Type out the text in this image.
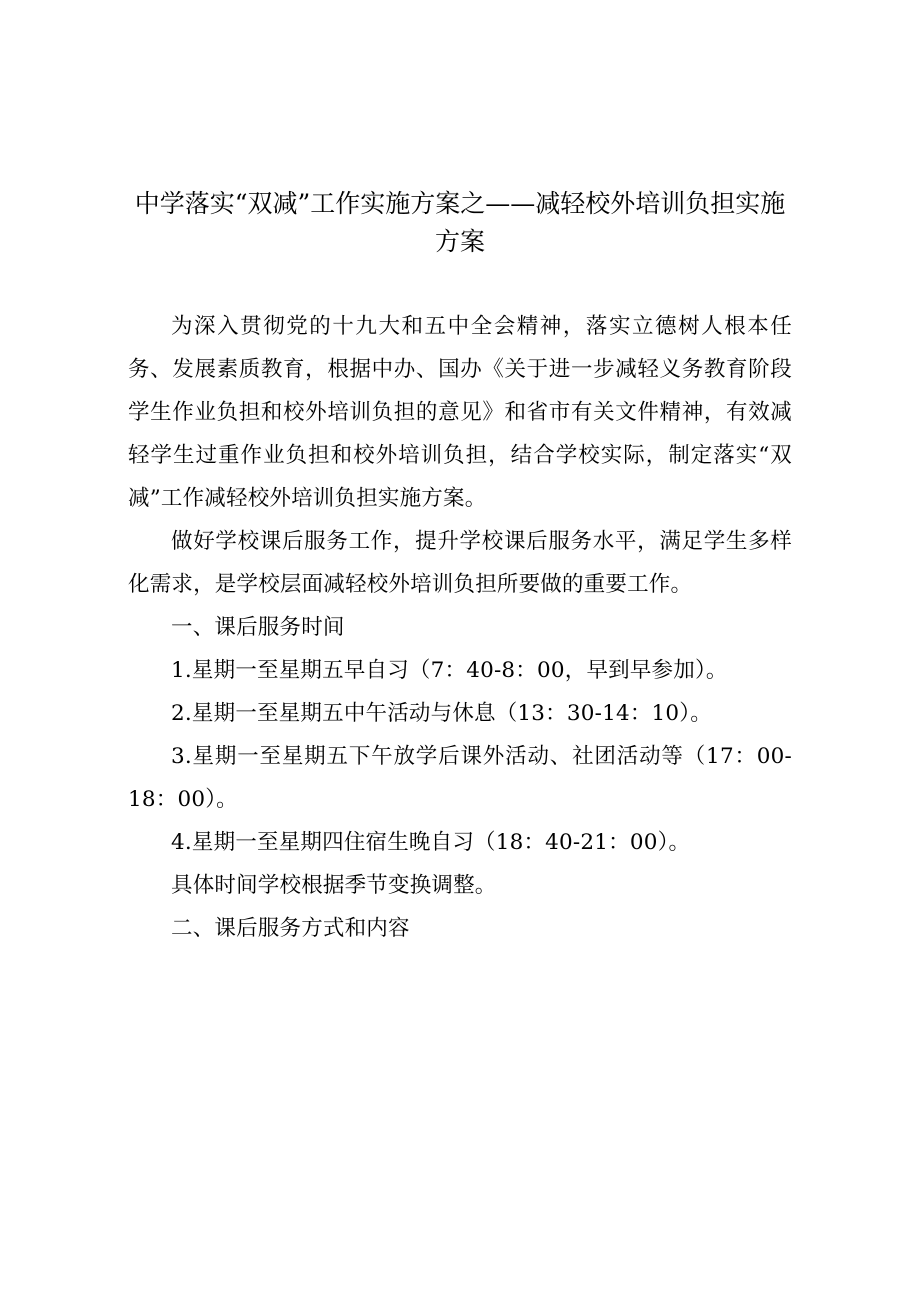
中学落实“双减”工作实施方案之——减轻校外培训负担实施方案

为深入贯彻党的十九大和五中全会精神，落实立德树人根本任务、发展素质教育，根据中办、国办《关于进一步减轻义务教育阶段学生作业负担和校外培训负担的意见》和省市有关文件精神，有效减轻学生过重作业负担和校外培训负担，结合学校实际，制定落实“双减”工作减轻校外培训负担实施方案。

做好学校课后服务工作，提升学校课后服务水平，满足学生多样化需求，是学校层面减轻校外培训负担所要做的重要工作。

一、课后服务时间

1.星期一至星期五早自习（7：40-8：00，早到早参加）。

2.星期一至星期五中午活动与休息（13：30-14：10）。

3.星期一至星期五下午放学后课外活动、社团活动等（17：00-18：00）。

4.星期一至星期四住宿生晚自习（18：40-21：00）。

具体时间学校根据季节变换调整。

二、课后服务方式和内容
